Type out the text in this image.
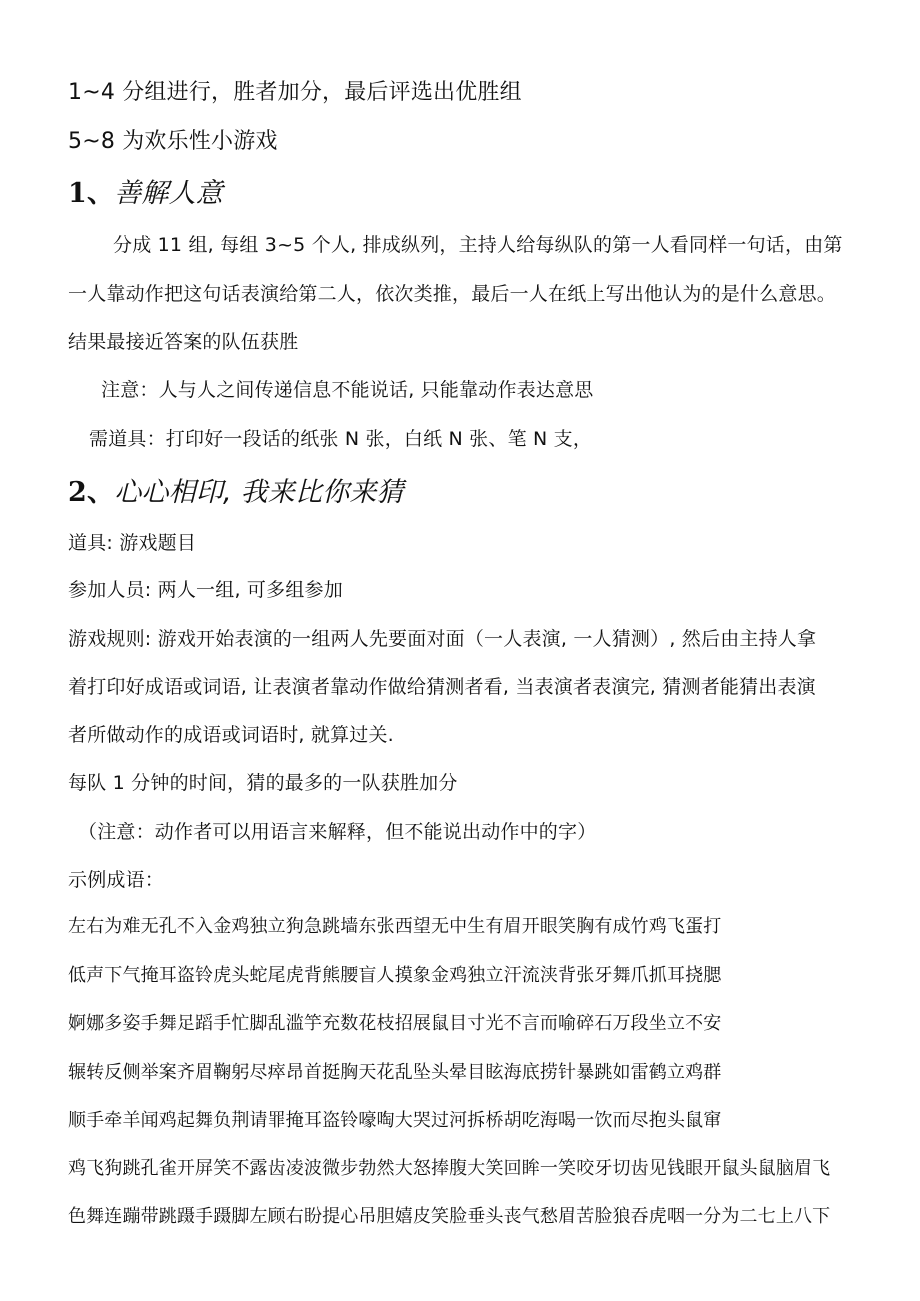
1~4 分组进行，胜者加分，最后评选出优胜组
5~8 为欢乐性小游戏
1、善解人意
分成 11 组, 每组 3~5 个人, 排成纵列，主持人给每纵队的第一人看同样一句话，由第
一人靠动作把这句话表演给第二人，依次类推，最后一人在纸上写出他认为的是什么意思。
结果最接近答案的队伍获胜
注意：人与人之间传递信息不能说话, 只能靠动作表达意思
需道具：打印好一段话的纸张 N 张，白纸 N 张、笔 N 支，
2、心心相印, 我来比你来猜
道具: 游戏题目
参加人员: 两人一组, 可多组参加
游戏规则: 游戏开始表演的一组两人先要面对面（一人表演, 一人猜测）, 然后由主持人拿
着打印好成语或词语, 让表演者靠动作做给猜测者看, 当表演者表演完, 猜测者能猜出表演
者所做动作的成语或词语时, 就算过关.
每队 1 分钟的时间，猜的最多的一队获胜加分
（注意：动作者可以用语言来解释，但不能说出动作中的字）
示例成语：
左右为难无孔不入金鸡独立狗急跳墙东张西望无中生有眉开眼笑胸有成竹鸡飞蛋打
低声下气掩耳盗铃虎头蛇尾虎背熊腰盲人摸象金鸡独立汗流浃背张牙舞爪抓耳挠腮
婀娜多姿手舞足蹈手忙脚乱滥竽充数花枝招展鼠目寸光不言而喻碎石万段坐立不安
辗转反侧举案齐眉鞠躬尽瘁昂首挺胸天花乱坠头晕目眩海底捞针暴跳如雷鹤立鸡群
顺手牵羊闻鸡起舞负荆请罪掩耳盗铃嚎啕大哭过河拆桥胡吃海喝一饮而尽抱头鼠窜
鸡飞狗跳孔雀开屏笑不露齿凌波微步勃然大怒捧腹大笑回眸一笑咬牙切齿见钱眼开鼠头鼠脑眉飞
色舞连蹦带跳蹑手蹑脚左顾右盼提心吊胆嬉皮笑脸垂头丧气愁眉苦脸狼吞虎咽一分为二七上八下
